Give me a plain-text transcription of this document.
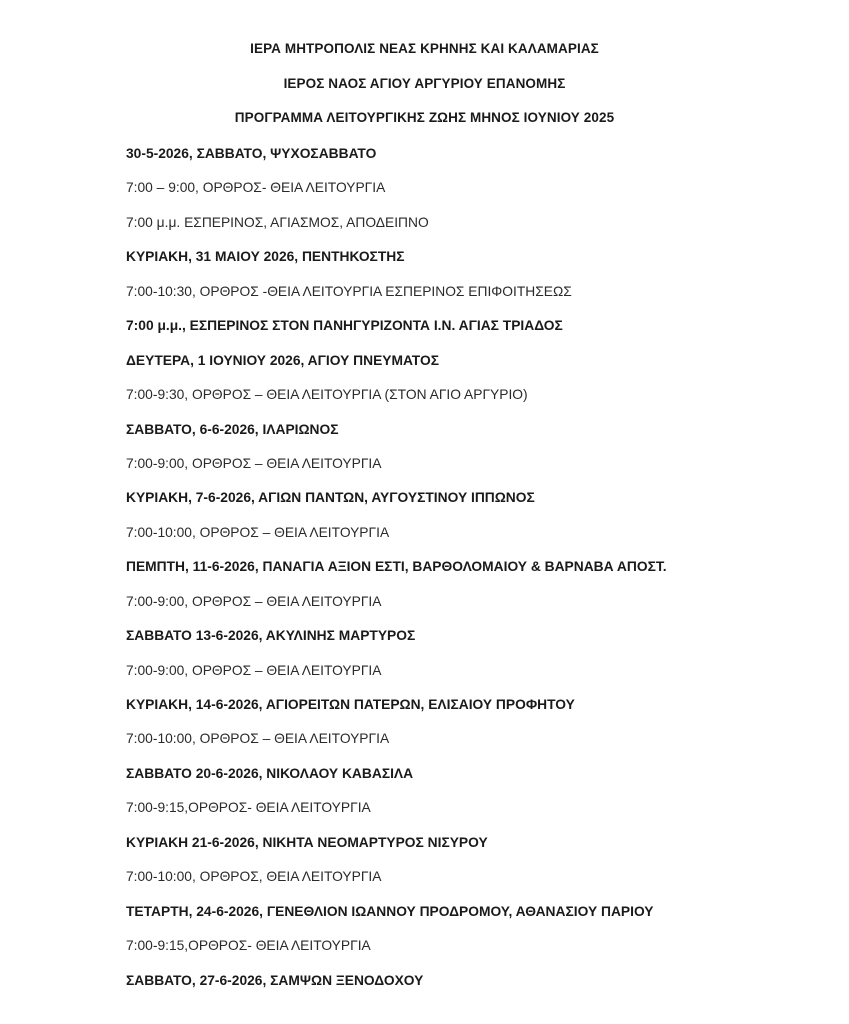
ΙΕΡΑ ΜΗΤΡΟΠΟΛΙΣ ΝΕΑΣ ΚΡΗΝΗΣ ΚΑΙ ΚΑΛΑΜΑΡΙΑΣ
ΙΕΡΟΣ ΝΑΟΣ ΑΓΙΟΥ ΑΡΓΥΡΙΟΥ ΕΠΑΝΟΜΗΣ
ΠΡΟΓΡΑΜΜΑ ΛΕΙΤΟΥΡΓΙΚΗΣ ΖΩΗΣ ΜΗΝΟΣ ΙΟΥΝΙΟΥ 2025
30-5-2026, ΣΑΒΒΑΤΟ, ΨΥΧΟΣΑΒΒΑΤΟ
7:00 – 9:00, ΟΡΘΡΟΣ- ΘΕΙΑ ΛΕΙΤΟΥΡΓΙΑ
7:00 μ.μ. ΕΣΠΕΡΙΝΟΣ, ΑΓΙΑΣΜΟΣ, ΑΠΟΔΕΙΠΝΟ
ΚΥΡΙΑΚΗ, 31 ΜΑΙΟΥ 2026, ΠΕΝΤΗΚΟΣΤΗΣ
7:00-10:30, ΟΡΘΡΟΣ -ΘΕΙΑ ΛΕΙΤΟΥΡΓΙΑ ΕΣΠΕΡΙΝΟΣ ΕΠΙΦΟΙΤΗΣΕΩΣ
7:00 μ.μ., ΕΣΠΕΡΙΝΟΣ ΣΤΟΝ ΠΑΝΗΓΥΡΙΖΟΝΤΑ Ι.Ν. ΑΓΙΑΣ ΤΡΙΑΔΟΣ
ΔΕΥΤΕΡΑ, 1 ΙΟΥΝΙΟΥ 2026, ΑΓΙΟΥ ΠΝΕΥΜΑΤΟΣ
7:00-9:30, ΟΡΘΡΟΣ – ΘΕΙΑ ΛΕΙΤΟΥΡΓΙΑ (ΣΤΟΝ ΑΓΙΟ ΑΡΓΥΡΙΟ)
ΣΑΒΒΑΤΟ, 6-6-2026, ΙΛΑΡΙΩΝΟΣ
7:00-9:00, ΟΡΘΡΟΣ – ΘΕΙΑ ΛΕΙΤΟΥΡΓΙΑ
ΚΥΡΙΑΚΗ, 7-6-2026, ΑΓΙΩΝ ΠΑΝΤΩΝ, ΑΥΓΟΥΣΤΙΝΟΥ ΙΠΠΩΝΟΣ
7:00-10:00, ΟΡΘΡΟΣ – ΘΕΙΑ ΛΕΙΤΟΥΡΓΙΑ
ΠΕΜΠΤΗ, 11-6-2026, ΠΑΝΑΓΙΑ ΑΞΙΟΝ ΕΣΤΙ, ΒΑΡΘΟΛΟΜΑΙΟΥ & ΒΑΡΝΑΒΑ ΑΠΟΣΤ.
7:00-9:00, ΟΡΘΡΟΣ – ΘΕΙΑ ΛΕΙΤΟΥΡΓΙΑ
ΣΑΒΒΑΤΟ 13-6-2026, ΑΚΥΛΙΝΗΣ ΜΑΡΤΥΡΟΣ
7:00-9:00, ΟΡΘΡΟΣ – ΘΕΙΑ ΛΕΙΤΟΥΡΓΙΑ
ΚΥΡΙΑΚΗ, 14-6-2026, ΑΓΙΟΡΕΙΤΩΝ ΠΑΤΕΡΩΝ, ΕΛΙΣΑΙΟΥ ΠΡΟΦΗΤΟΥ
7:00-10:00, ΟΡΘΡΟΣ – ΘΕΙΑ ΛΕΙΤΟΥΡΓΙΑ
ΣΑΒΒΑΤΟ 20-6-2026, ΝΙΚΟΛΑΟΥ ΚΑΒΑΣΙΛΑ
7:00-9:15,ΟΡΘΡΟΣ- ΘΕΙΑ ΛΕΙΤΟΥΡΓΙΑ
ΚΥΡΙΑΚΗ 21-6-2026, ΝΙΚΗΤΑ ΝΕΟΜΑΡΤΥΡΟΣ ΝΙΣΥΡΟΥ
7:00-10:00, ΟΡΘΡΟΣ, ΘΕΙΑ ΛΕΙΤΟΥΡΓΙΑ
ΤΕΤΑΡΤΗ, 24-6-2026, ΓΕΝΕΘΛΙΟΝ ΙΩΑΝΝΟΥ ΠΡΟΔΡΟΜΟΥ, ΑΘΑΝΑΣΙΟΥ ΠΑΡΙΟΥ
7:00-9:15,ΟΡΘΡΟΣ- ΘΕΙΑ ΛΕΙΤΟΥΡΓΙΑ
ΣΑΒΒΑΤΟ, 27-6-2026, ΣΑΜΨΩΝ ΞΕΝΟΔΟΧΟΥ
